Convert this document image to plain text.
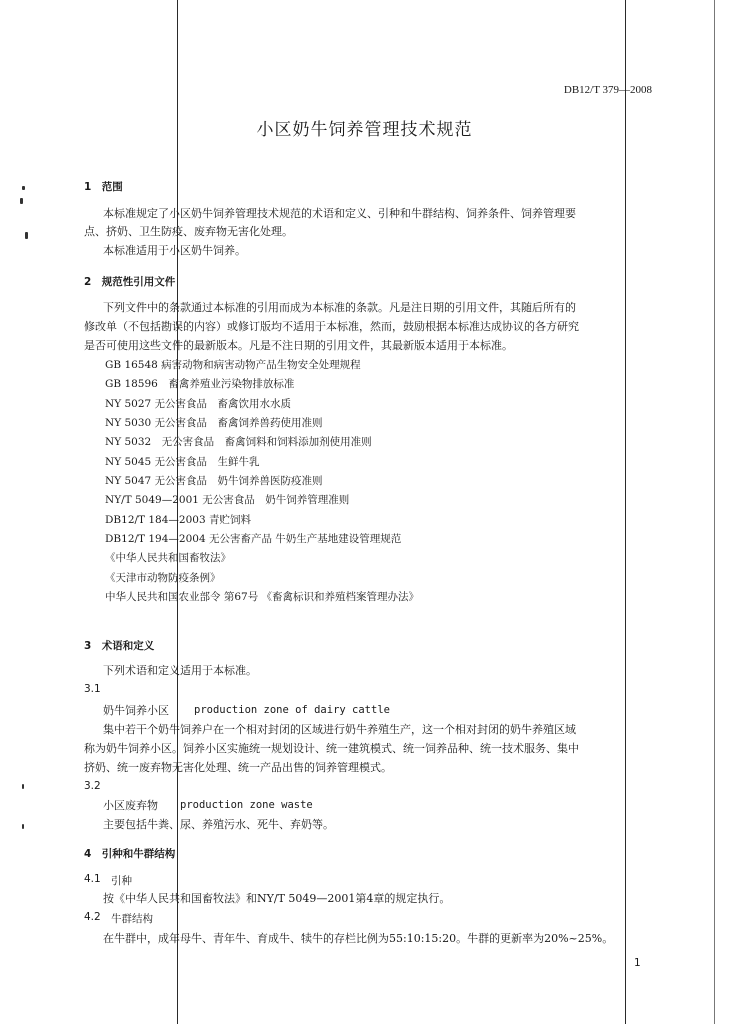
DB12/T 379—2008
小区奶牛饲养管理技术规范
1　范围
本标准规定了小区奶牛饲养管理技术规范的术语和定义、引种和牛群结构、饲养条件、饲养管理要
点、挤奶、卫生防疫、废弃物无害化处理。
本标准适用于小区奶牛饲养。
2　规范性引用文件
下列文件中的条款通过本标准的引用而成为本标准的条款。凡是注日期的引用文件，其随后所有的
修改单（不包括勘误的内容）或修订版均不适用于本标准，然而，鼓励根据本标准达成协议的各方研究
是否可使用这些文件的最新版本。凡是不注日期的引用文件，其最新版本适用于本标准。
GB 16548 病害动物和病害动物产品生物安全处理规程
GB 18596　畜禽养殖业污染物排放标准
NY 5027 无公害食品　畜禽饮用水水质
NY 5030 无公害食品　畜禽饲养兽药使用准则
NY 5032　无公害食品　畜禽饲料和饲料添加剂使用准则
NY 5045 无公害食品　生鲜牛乳
NY 5047 无公害食品　奶牛饲养兽医防疫准则
NY/T 5049—2001 无公害食品　奶牛饲养管理准则
DB12/T 184—2003 青贮饲料
DB12/T 194—2004 无公害畜产品 牛奶生产基地建设管理规范
《中华人民共和国畜牧法》
《天津市动物防疫条例》
中华人民共和国农业部令 第67号 《畜禽标识和养殖档案管理办法》
3　术语和定义
下列术语和定义适用于本标准。
3.1
奶牛饲养小区 production zone of dairy cattle
集中若干个奶牛饲养户在一个相对封闭的区域进行奶牛养殖生产，这一个相对封闭的奶牛养殖区域
称为奶牛饲养小区。饲养小区实施统一规划设计、统一建筑模式、统一饲养品种、统一技术服务、集中
挤奶、统一废弃物无害化处理、统一产品出售的饲养管理模式。
3.2
小区废弃物 production zone waste
主要包括牛粪、尿、养殖污水、死牛、弃奶等。
4　引种和牛群结构
4.1 引种
按《中华人民共和国畜牧法》和NY/T 5049—2001第4章的规定执行。
4.2 牛群结构
在牛群中，成年母牛、青年牛、育成牛、犊牛的存栏比例为55:10:15:20。牛群的更新率为20%~25%。
1
